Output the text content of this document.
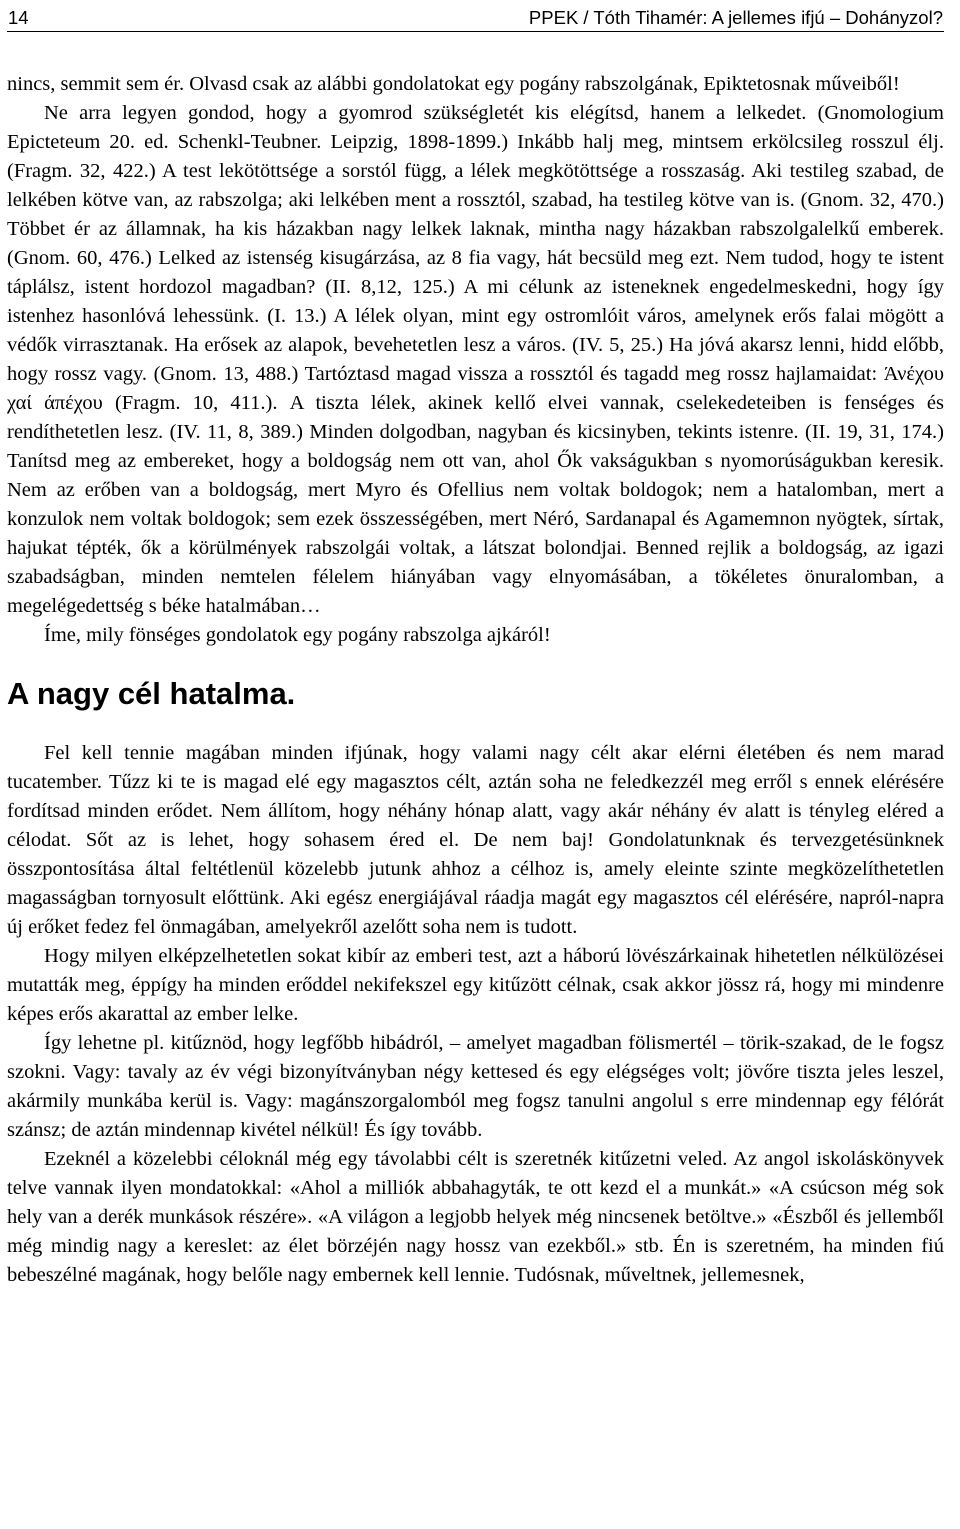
14	PPEK / Tóth Tihamér: A jellemes ifjú – Dohányzol?

nincs, semmit sem ér. Olvasd csak az alábbi gondolatokat egy pogány rabszolgának, Epiktetosnak műveiből!

Ne arra legyen gondod, hogy a gyomrod szükségletét kis elégítsd, hanem a lelkedet. (Gnomologium Epicteteum 20. ed. Schenkl-Teubner. Leipzig, 1898-1899.) Inkább halj meg, mintsem erkölcsileg rosszul élj. (Fragm. 32, 422.) A test lekötöttsége a sorstól függ, a lélek megkötöttsége a rosszaság. Aki testileg szabad, de lelkében kötve van, az rabszolga; aki lelkében ment a rossztól, szabad, ha testileg kötve van is. (Gnom. 32, 470.) Többet ér az államnak, ha kis házakban nagy lelkek laknak, mintha nagy házakban rabszolgalelkű emberek. (Gnom. 60, 476.) Lelked az istenség kisugárzása, az 8 fia vagy, hát becsüld meg ezt. Nem tudod, hogy te istent táplálsz, istent hordozol magadban? (II. 8,12, 125.) A mi célunk az isteneknek engedelmeskedni, hogy így istenhez hasonlóvá lehessünk. (I. 13.) A lélek olyan, mint egy ostromlóit város, amelynek erős falai mögött a védők virrasztanak. Ha erősek az alapok, bevehetetlen lesz a város. (IV. 5, 25.) Ha jóvá akarsz lenni, hidd előbb, hogy rossz vagy. (Gnom. 13, 488.) Tartóztasd magad vissza a rossztól és tagadd meg rossz hajlamaidat: Άνέχου χαί άπέχου (Fragm. 10, 411.). A tiszta lélek, akinek kellő elvei vannak, cselekedeteiben is fenséges és rendíthetetlen lesz. (IV. 11, 8, 389.) Minden dolgodban, nagyban és kicsinyben, tekints istenre. (II. 19, 31, 174.) Tanítsd meg az embereket, hogy a boldogság nem ott van, ahol Ők vakságukban s nyomorúságukban keresik. Nem az erőben van a boldogság, mert Myro és Ofellius nem voltak boldogok; nem a hatalomban, mert a konzulok nem voltak boldogok; sem ezek összességében, mert Néró, Sardanapal és Agamemnon nyögtek, sírtak, hajukat tépték, ők a körülmények rabszolgái voltak, a látszat bolondjai. Benned rejlik a boldogság, az igazi szabadságban, minden nemtelen félelem hiányában vagy elnyomásában, a tökéletes önuralomban, a megelégedettség s béke hatalmában…

Íme, mily fönséges gondolatok egy pogány rabszolga ajkáról!

A nagy cél hatalma.

Fel kell tennie magában minden ifjúnak, hogy valami nagy célt akar elérni életében és nem marad tucatember. Tűzz ki te is magad elé egy magasztos célt, aztán soha ne feledkezzél meg erről s ennek elérésére fordítsad minden erődet. Nem állítom, hogy néhány hónap alatt, vagy akár néhány év alatt is tényleg eléred a célodat. Sőt az is lehet, hogy sohasem éred el. De nem baj! Gondolatunknak és tervezgetésünknek összpontosítása által feltétlenül közelebb jutunk ahhoz a célhoz is, amely eleinte szinte megközelíthetetlen magasságban tornyosult előttünk. Aki egész energiájával ráadja magát egy magasztos cél elérésére, napról-napra új erőket fedez fel önmagában, amelyekről azelőtt soha nem is tudott.

Hogy milyen elképzelhetetlen sokat kibír az emberi test, azt a háború lövészárkainak hihetetlen nélkülözései mutatták meg, éppígy ha minden erőddel nekifekszel egy kitűzött célnak, csak akkor jössz rá, hogy mi mindenre képes erős akarattal az ember lelke.

Így lehetne pl. kitűznöd, hogy legfőbb hibádról, – amelyet magadban fölismertél – törik-szakad, de le fogsz szokni. Vagy: tavaly az év végi bizonyítványban négy kettesed és egy elégséges volt; jövőre tiszta jeles leszel, akármily munkába kerül is. Vagy: magánszorgalomból meg fogsz tanulni angolul s erre mindennap egy félórát szánsz; de aztán mindennap kivétel nélkül! És így tovább.

Ezeknél a közelebbi céloknál még egy távolabbi célt is szeretnék kitűzetni veled. Az angol iskoláskönyvek telve vannak ilyen mondatokkal: «Ahol a milliók abbahagyták, te ott kezd el a munkát.» «A csúcson még sok hely van a derék munkások részére». «A világon a legjobb helyek még nincsenek betöltve.» «Észből és jellemből még mindig nagy a kereslet: az élet börzéjén nagy hossz van ezekből.» stb. Én is szeretném, ha minden fiú bebeszélné magának, hogy belőle nagy embernek kell lennie. Tudósnak, műveltnek, jellemesnek,
